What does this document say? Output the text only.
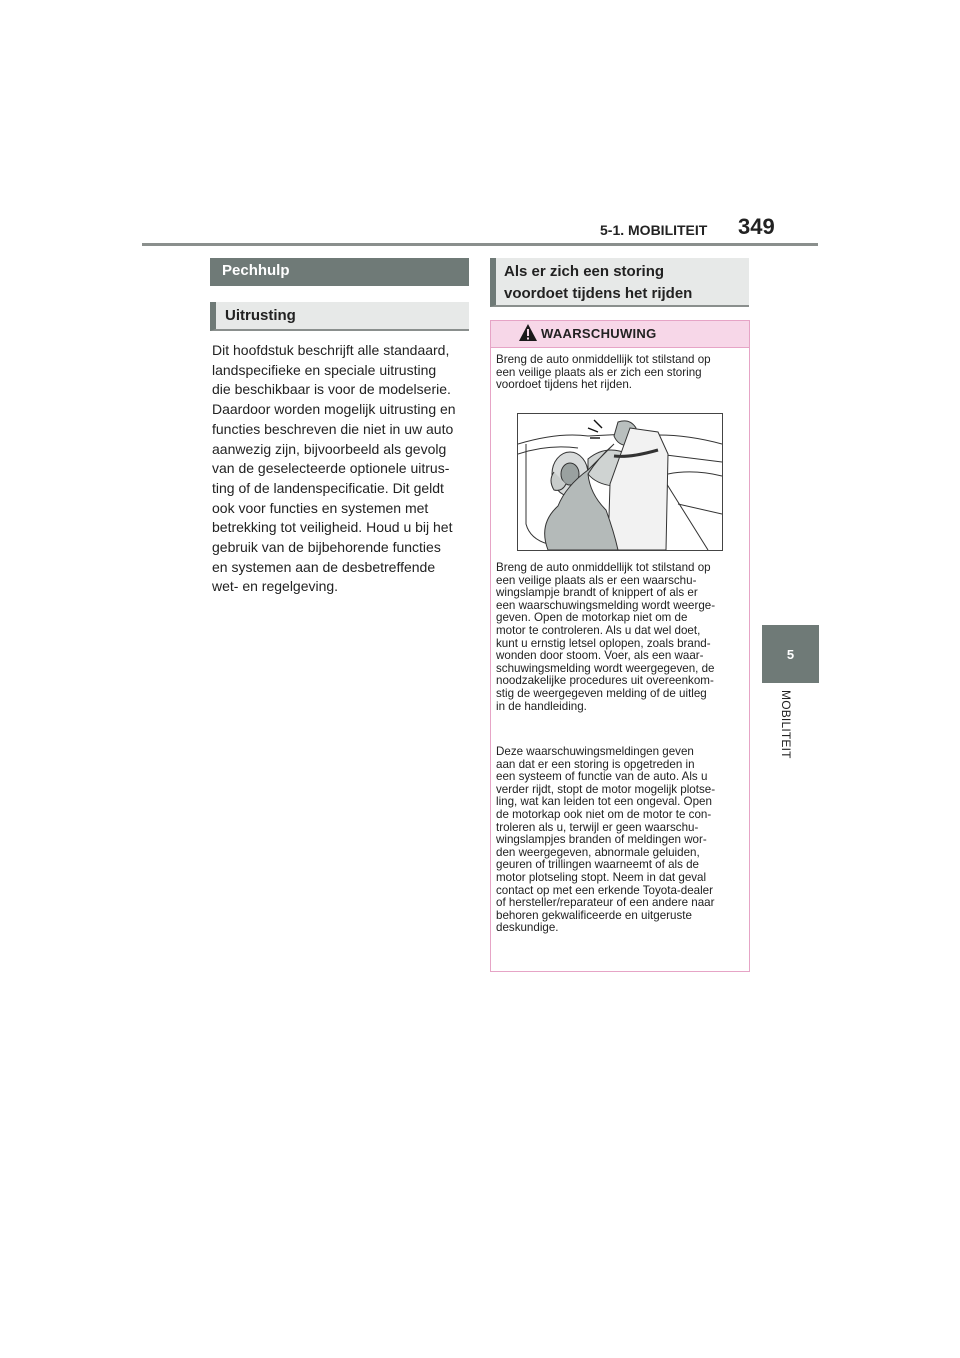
5-1. MOBILITEIT 349
5
MOBILITEIT
Pechhulp
Uitrusting
Dit hoofdstuk beschrijft alle standaard,
landspecifieke en speciale uitrusting
die beschikbaar is voor de modelserie.
Daardoor worden mogelijk uitrusting en
functies beschreven die niet in uw auto
aanwezig zijn, bijvoorbeeld als gevolg
van de geselecteerde optionele uitrus-
ting of de landenspecificatie. Dit geldt
ook voor functies en systemen met
betrekking tot veiligheid. Houd u bij het
gebruik van de bijbehorende functies
en systemen aan de desbetreffende
wet- en regelgeving.
Als er zich een storing
voordoet tijdens het rijden
WAARSCHUWING
Breng de auto onmiddellijk tot stilstand op
een veilige plaats als er zich een storing
voordoet tijdens het rijden.
Breng de auto onmiddellijk tot stilstand op
een veilige plaats als er een waarschu-
wingslampje brandt of knippert of als er
een waarschuwingsmelding wordt weerge-
geven. Open de motorkap niet om de
motor te controleren. Als u dat wel doet,
kunt u ernstig letsel oplopen, zoals brand-
wonden door stoom. Voer, als een waar-
schuwingsmelding wordt weergegeven, de
noodzakelijke procedures uit overeenkom-
stig de weergegeven melding of de uitleg
in de handleiding.
Deze waarschuwingsmeldingen geven
aan dat er een storing is opgetreden in
een systeem of functie van de auto. Als u
verder rijdt, stopt de motor mogelijk plotse-
ling, wat kan leiden tot een ongeval. Open
de motorkap ook niet om de motor te con-
troleren als u, terwijl er geen waarschu-
wingslampjes branden of meldingen wor-
den weergegeven, abnormale geluiden,
geuren of trillingen waarneemt of als de
motor plotseling stopt. Neem in dat geval
contact op met een erkende Toyota-dealer
of hersteller/reparateur of een andere naar
behoren gekwalificeerde en uitgeruste
deskundige.
